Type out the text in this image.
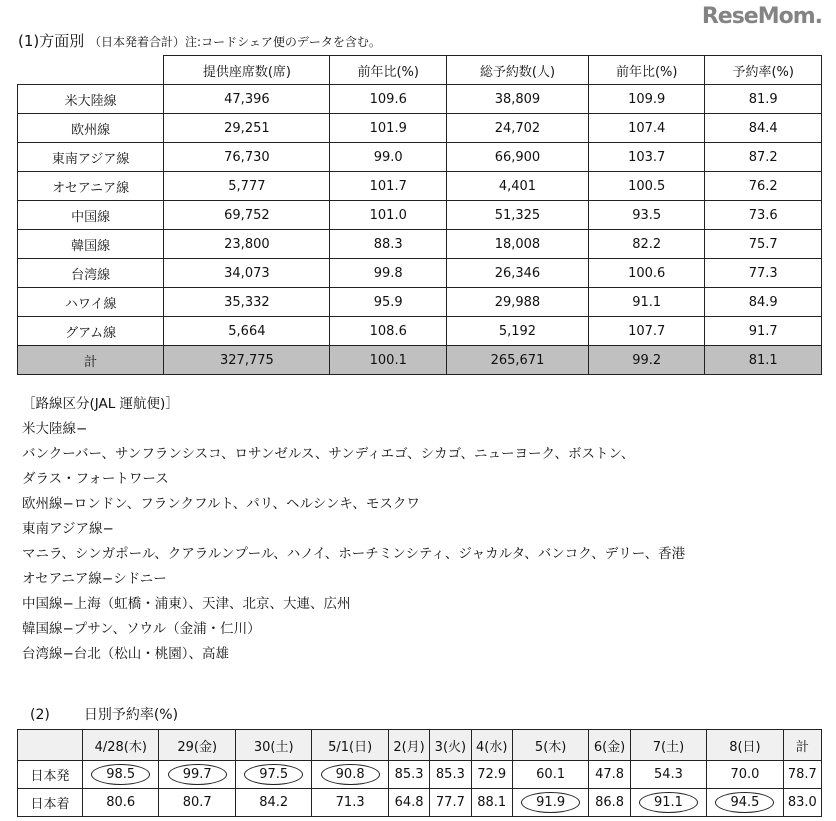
(1)方面別 （日本発着合計）注:コードシェア便のデータを含む。
	提供座席数(席)	前年比(%)	総予約数(人)	前年比(%)	予約率(%)
米大陸線	47,396	109.6	38,809	109.9	81.9
欧州線	29,251	101.9	24,702	107.4	84.4
東南アジア線	76,730	99.0	66,900	103.7	87.2
オセアニア線	5,777	101.7	4,401	100.5	76.2
中国線	69,752	101.0	51,325	93.5	73.6
韓国線	23,800	88.3	18,008	82.2	75.7
台湾線	34,073	99.8	26,346	100.6	77.3
ハワイ線	35,332	95.9	29,988	91.1	84.9
グアム線	5,664	108.6	5,192	107.7	91.7
計	327,775	100.1	265,671	99.2	81.1
［路線区分(JAL 運航便)］
米大陸線−
バンクーバー、サンフランシスコ、ロサンゼルス、サンディエゴ、シカゴ、ニューヨーク、ボストン、
ダラス・フォートワース
欧州線−ロンドン、フランクフルト、パリ、ヘルシンキ、モスクワ
東南アジア線−
マニラ、シンガポール、クアラルンプール、ハノイ、ホーチミンシティ、ジャカルタ、バンコク、デリー、香港
オセアニア線−シドニー
中国線−上海（虹橋・浦東）、天津、北京、大連、広州
韓国線−プサン、ソウル（金浦・仁川）
台湾線−台北（松山・桃園）、高雄
(2) 日別予約率(%)
	4/28(木)	29(金)	30(土)	5/1(日)	2(月)	3(火)	4(水)	5(木)	6(金)	7(土)	8(日)	計
日本発	98.5	99.7	97.5	90.8	85.3	85.3	72.9	60.1	47.8	54.3	70.0	78.7
日本着	80.6	80.7	84.2	71.3	64.8	77.7	88.1	91.9	86.8	91.1	94.5	83.0
ReseMom.
